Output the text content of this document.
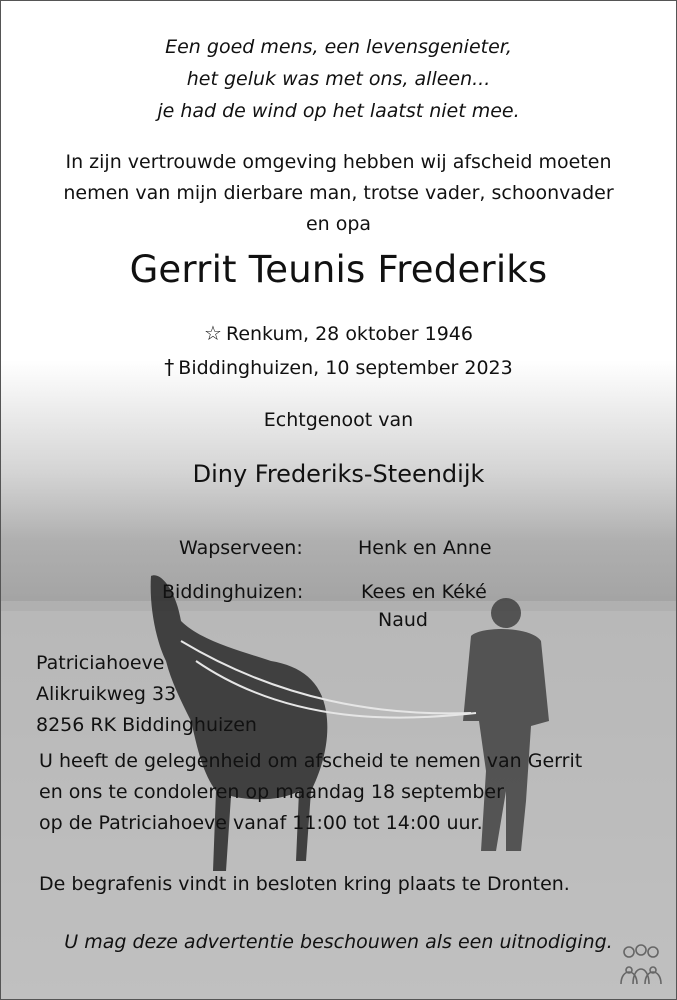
Een goed mens, een levensgenieter,
het geluk was met ons, alleen...
je had de wind op het laatst niet mee.
In zijn vertrouwde omgeving hebben wij afscheid moeten
nemen van mijn dierbare man, trotse vader, schoonvader
en opa
Gerrit Teunis Frederiks
☆ Renkum, 28 oktober 1946
† Biddinghuizen, 10 september 2023
Echtgenoot van
Diny Frederiks-Steendijk
Wapserveen:	Henk en Anne
Biddinghuizen:	Kees en Kéké
Naud
Patriciahoeve
Alikruikweg 33
8256 RK Biddinghuizen
U heeft de gelegenheid om afscheid te nemen van Gerrit
en ons te condoleren op maandag 18 september
op de Patriciahoeve vanaf 11:00 tot 14:00 uur.
De begrafenis vindt in besloten kring plaats te Dronten.
U mag deze advertentie beschouwen als een uitnodiging.
